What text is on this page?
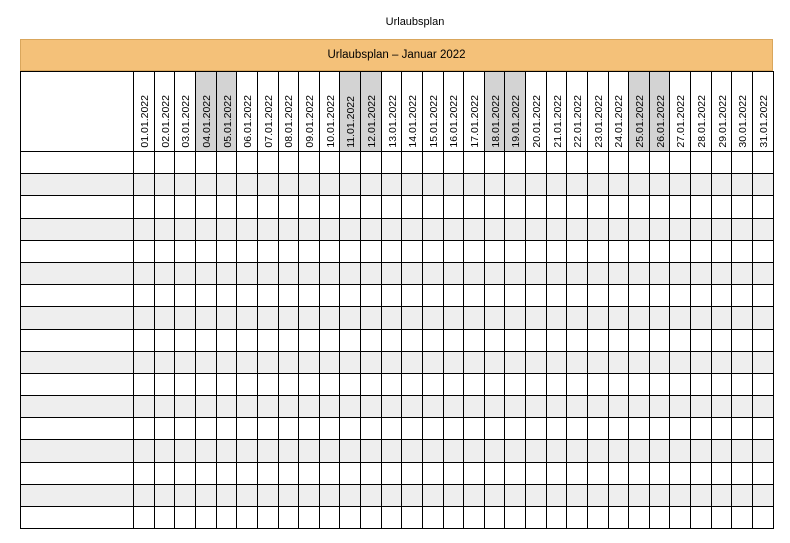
Urlaubsplan
Urlaubsplan – Januar 2022

	01.01.2022	02.01.2022	03.01.2022	04.01.2022	05.01.2022	06.01.2022	07.01.2022	08.01.2022	09.01.2022	10.01.2022	11.01.2022	12.01.2022	13.01.2022	14.01.2022	15.01.2022	16.01.2022	17.01.2022	18.01.2022	19.01.2022	20.01.2022	21.01.2022	22.01.2022	23.01.2022	24.01.2022	25.01.2022	26.01.2022	27.01.2022	28.01.2022	29.01.2022	30.01.2022	31.01.2022
